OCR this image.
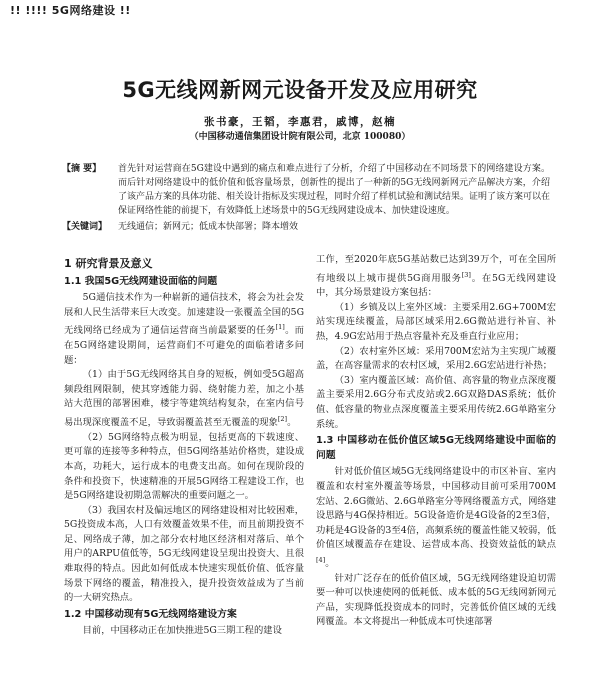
!! !!!! 5G网络建设 !!
5G无线网新网元设备开发及应用研究
张书豪，王韬，李惠君，戚博，赵楠
（中国移动通信集团设计院有限公司，北京 100080）
【摘 要】 首先针对运营商在5G建设中遇到的痛点和难点进行了分析，介绍了中国移动在不同场景下的网络建设方案。而后针对网络建设中的低价值和低容量场景，创新性的提出了一种新的5G无线网新网元产品解决方案，介绍了该产品方案的具体功能、相关设计指标及实现过程，同时介绍了样机试验和测试结果。证明了该方案可以在保证网络性能的前提下，有效降低上述场景中的5G无线网建设成本、加快建设速度。
【关键词】 无线通信；新网元；低成本快部署；降本增效
1 研究背景及意义
1.1 我国5G无线网建设面临的问题

5G通信技术作为一种崭新的通信技术，将会为社会发展和人民生活带来巨大改变。加速建设一张覆盖全国的5G无线网络已经成为了通信运营商当前最紧要的任务[1]。而在5G网络建设期间，运营商们不可避免的面临着诸多问题：

（1）由于5G无线网络其自身的短板，例如受5G超高频段组网限制，使其穿透能力弱、绕射能力差，加之小基站大范围的部署困难，楼宇等建筑结构复杂，在室内信号易出现深度覆盖不足，导致弱覆盖甚至无覆盖的现象[2]。

（2）5G网络特点极为明显，包括更高的下载速度、更可靠的连接等多种特点，但5G网络基站价格贵，建设成本高，功耗大，运行成本的电费支出高。如何在现阶段的条件和投资下，快速精准的开展5G网络工程建设工作，也是5G网络建设初期急需解决的重要问题之一。

（3）我国农村及偏远地区的网络建设相对比较困难，5G投资成本高，人口有效覆盖效果不佳，而且前期投资不足、网络成子薄，加之部分农村地区经济相对落后、单个用户的ARPU值低等，5G无线网建设呈现出投资大、且很难取得的特点。因此如何低成本快速实现低价值、低容量场景下网络的覆盖，精准投入，提升投资效益成为了当前的一大研究热点。

1.2 中国移动现有5G无线网络建设方案

目前，中国移动正在加快推进5G三期工程的建设

工作，至2020年底5G基站数已达到39万个，可在全国所有地级以上城市提供5G商用服务[3]。在5G无线网建设中，其分场景建设方案包括：

（1）乡镇及以上室外区域：主要采用2.6G+700M宏站实现连续覆盖，局部区域采用2.6G微站进行补盲、补热，4.9G宏站用于热点容量补充及垂直行业应用；

（2）农村室外区域：采用700M宏站为主实现广域覆盖，在高容量需求的农村区域，采用2.6G宏站进行补热；

（3）室内覆盖区域：高价值、高容量的物业点深度覆盖主要采用2.6G分布式皮站或2.6G双路DAS系统；低价值、低容量的物业点深度覆盖主要采用传统2.6G单路室分系统。

1.3 中国移动在低价值区域5G无线网络建设中面临的问题

针对低价值区域5G无线网络建设中的市区补盲、室内覆盖和农村室外覆盖等场景，中国移动目前可采用700M宏站、2.6G微站、2.6G单路室分等网络覆盖方式，网络建设思路与4G保持相近。5G设备造价是4G设备的2至3倍，功耗是4G设备的3至4倍，高频系统的覆盖性能又较弱，低价值区域覆盖存在建设、运营成本高、投资效益低的缺点[4]。

针对广泛存在的低价值区域，5G无线网络建设迫切需要一种可以快速使网的低耗低、成本低的5G无线网新网元产品，实现降低投资成本的同时，完善低价值区域的无线网覆盖。本文将提出一种低成本可快速部署
